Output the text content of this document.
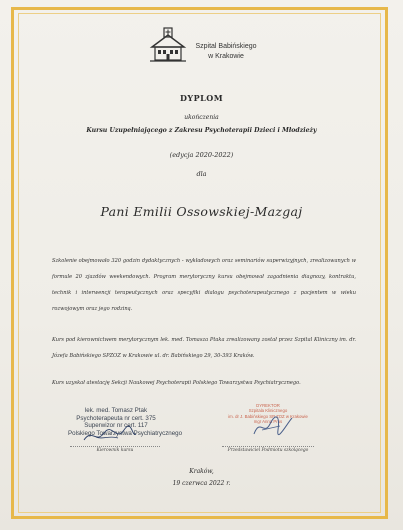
Szpital Babińskiego
w Krakowie
DYPLOM
ukończenia
Kursu Uzupełniającego z Zakresu Psychoterapii Dzieci i Młodzieży
(edycja 2020-2022)
dla
Pani Emilii Ossowskiej-Mazgaj
Szkolenie obejmowało 320 godzin dydaktycznych - wykładowych oraz seminariów superwizyjnych, zrealizowanych w formule 20 zjazdów weekendowych. Program merytoryczny kursu obejmował zagadnienia diagnozy, kontraktu, technik i interwencji terapeutycznych oraz specyfiki dialogu psychoterapeutycznego z pacjentem w wieku rozwojowym oraz jego rodziną.
Kurs pod kierownictwem merytorycznym lek. med. Tomasza Ptaka zrealizowany został przez Szpital Kliniczny im. dr. Józefa Babińskiego SPZOZ w Krakowie ul. dr. Babińskiego 29, 30-393 Kraków.
Kurs uzyskał atestację Sekcji Naukowej Psychoterapii Polskiego Towarzystwa Psychiatrycznego.
lek. med. Tomasz Ptak
Psychoterapeuta nr cert. 375
Superwizor nr cert. 117
Polskiego Towarzystwa Psychiatrycznego
DYREKTOR
Szpitala Klinicznego
im. dr J. Babińskiego SP ZOZ w Krakowie
mgr Anna Prus
Kierownik kursu	Przedstawiciel Podmiotu szkolącego
Kraków,
19 czerwca 2022 r.
